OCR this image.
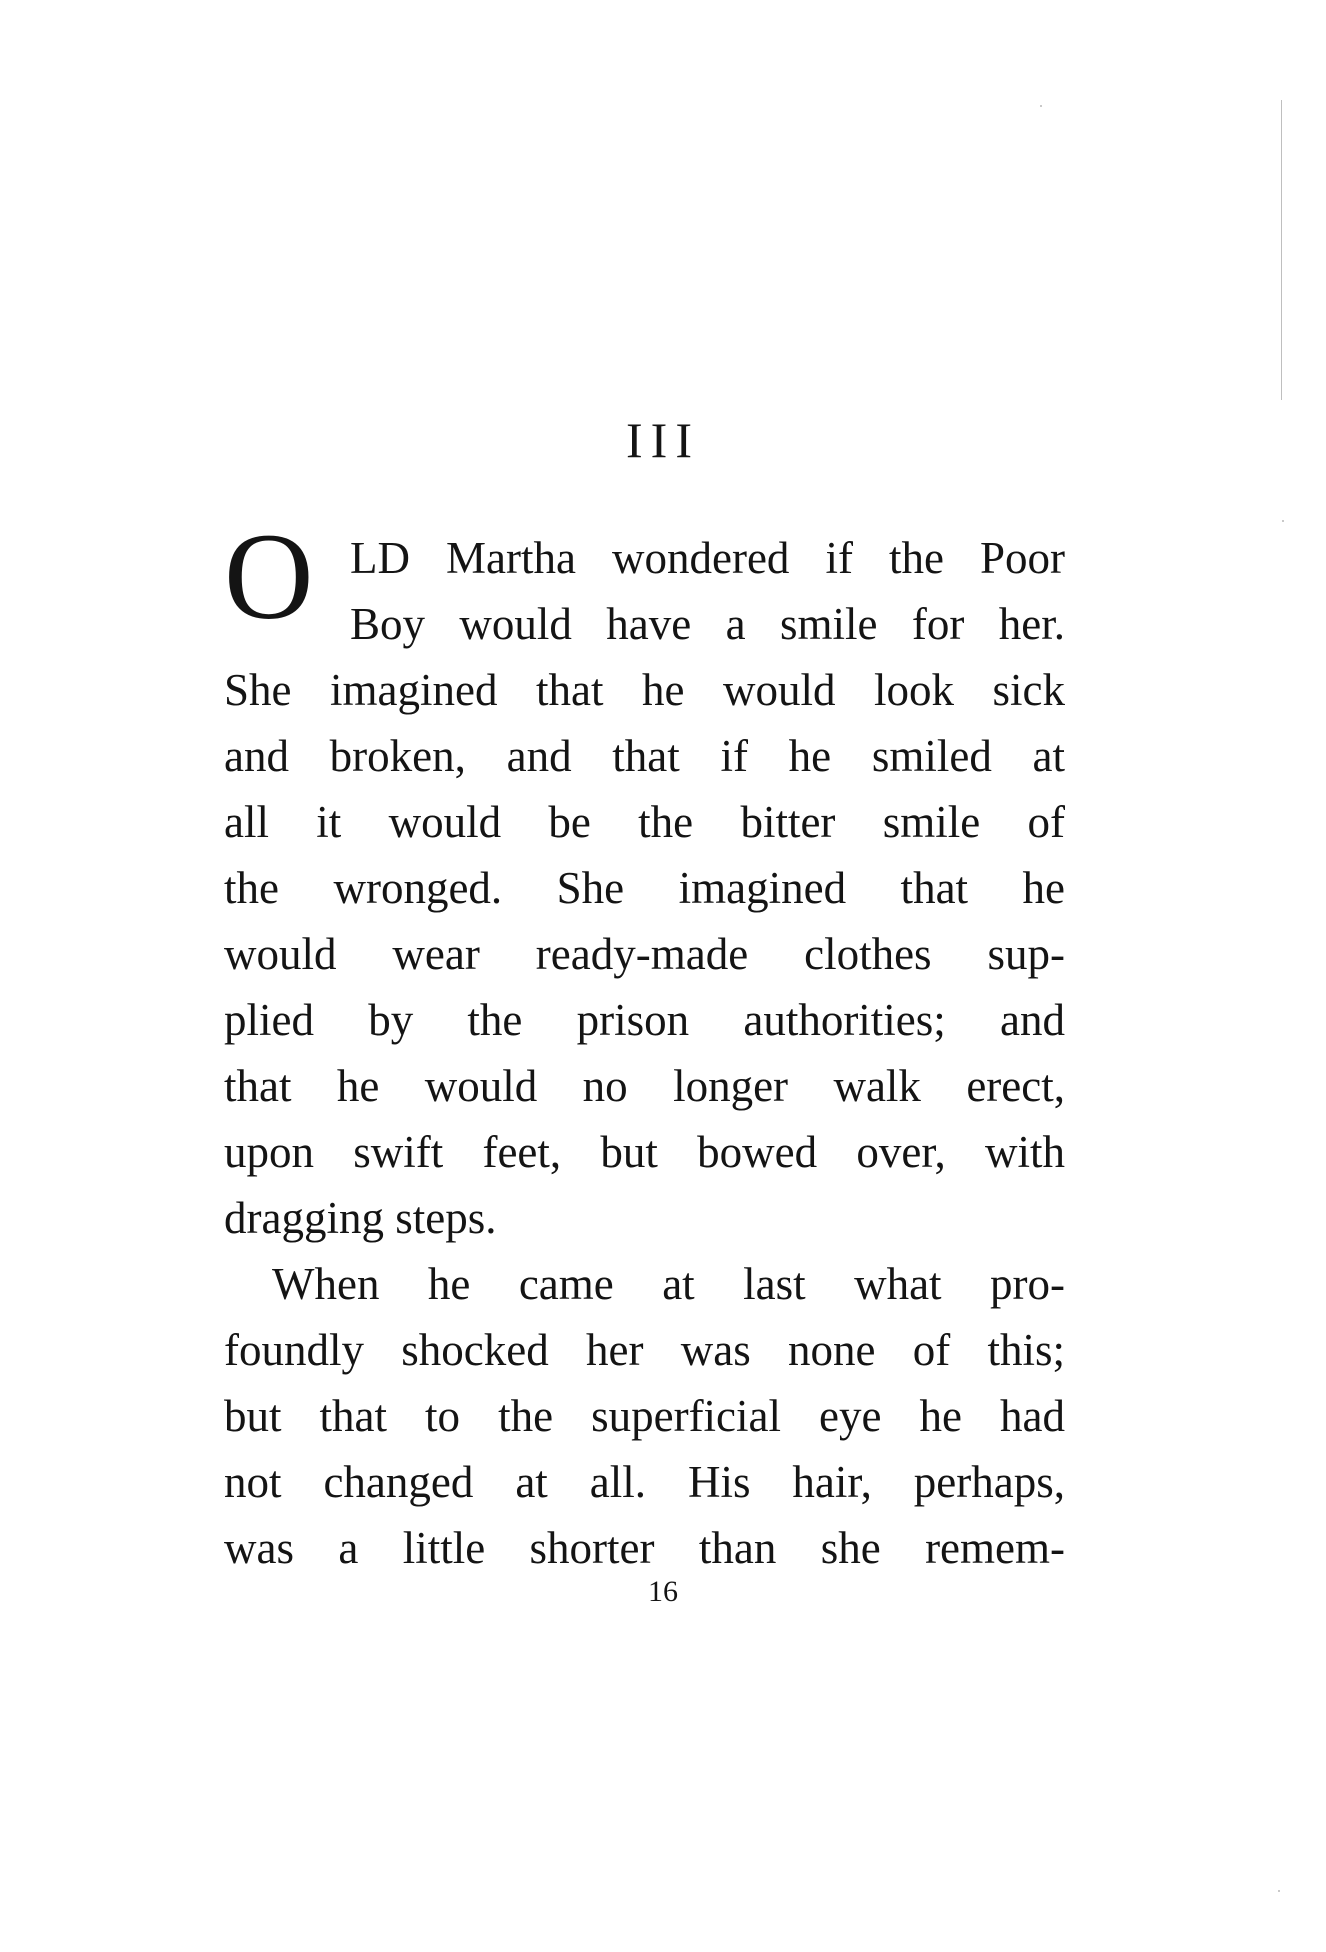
III
O LD Martha wondered if the Poor
Boy would have a smile for her.
She imagined that he would look sick
and broken, and that if he smiled at
all it would be the bitter smile of
the wronged. She imagined that he
would wear ready-made clothes sup-
plied by the prison authorities; and
that he would no longer walk erect,
upon swift feet, but bowed over, with
dragging steps.
When he came at last what pro-
foundly shocked her was none of this;
but that to the superficial eye he had
not changed at all. His hair, perhaps,
was a little shorter than she remem-
16
